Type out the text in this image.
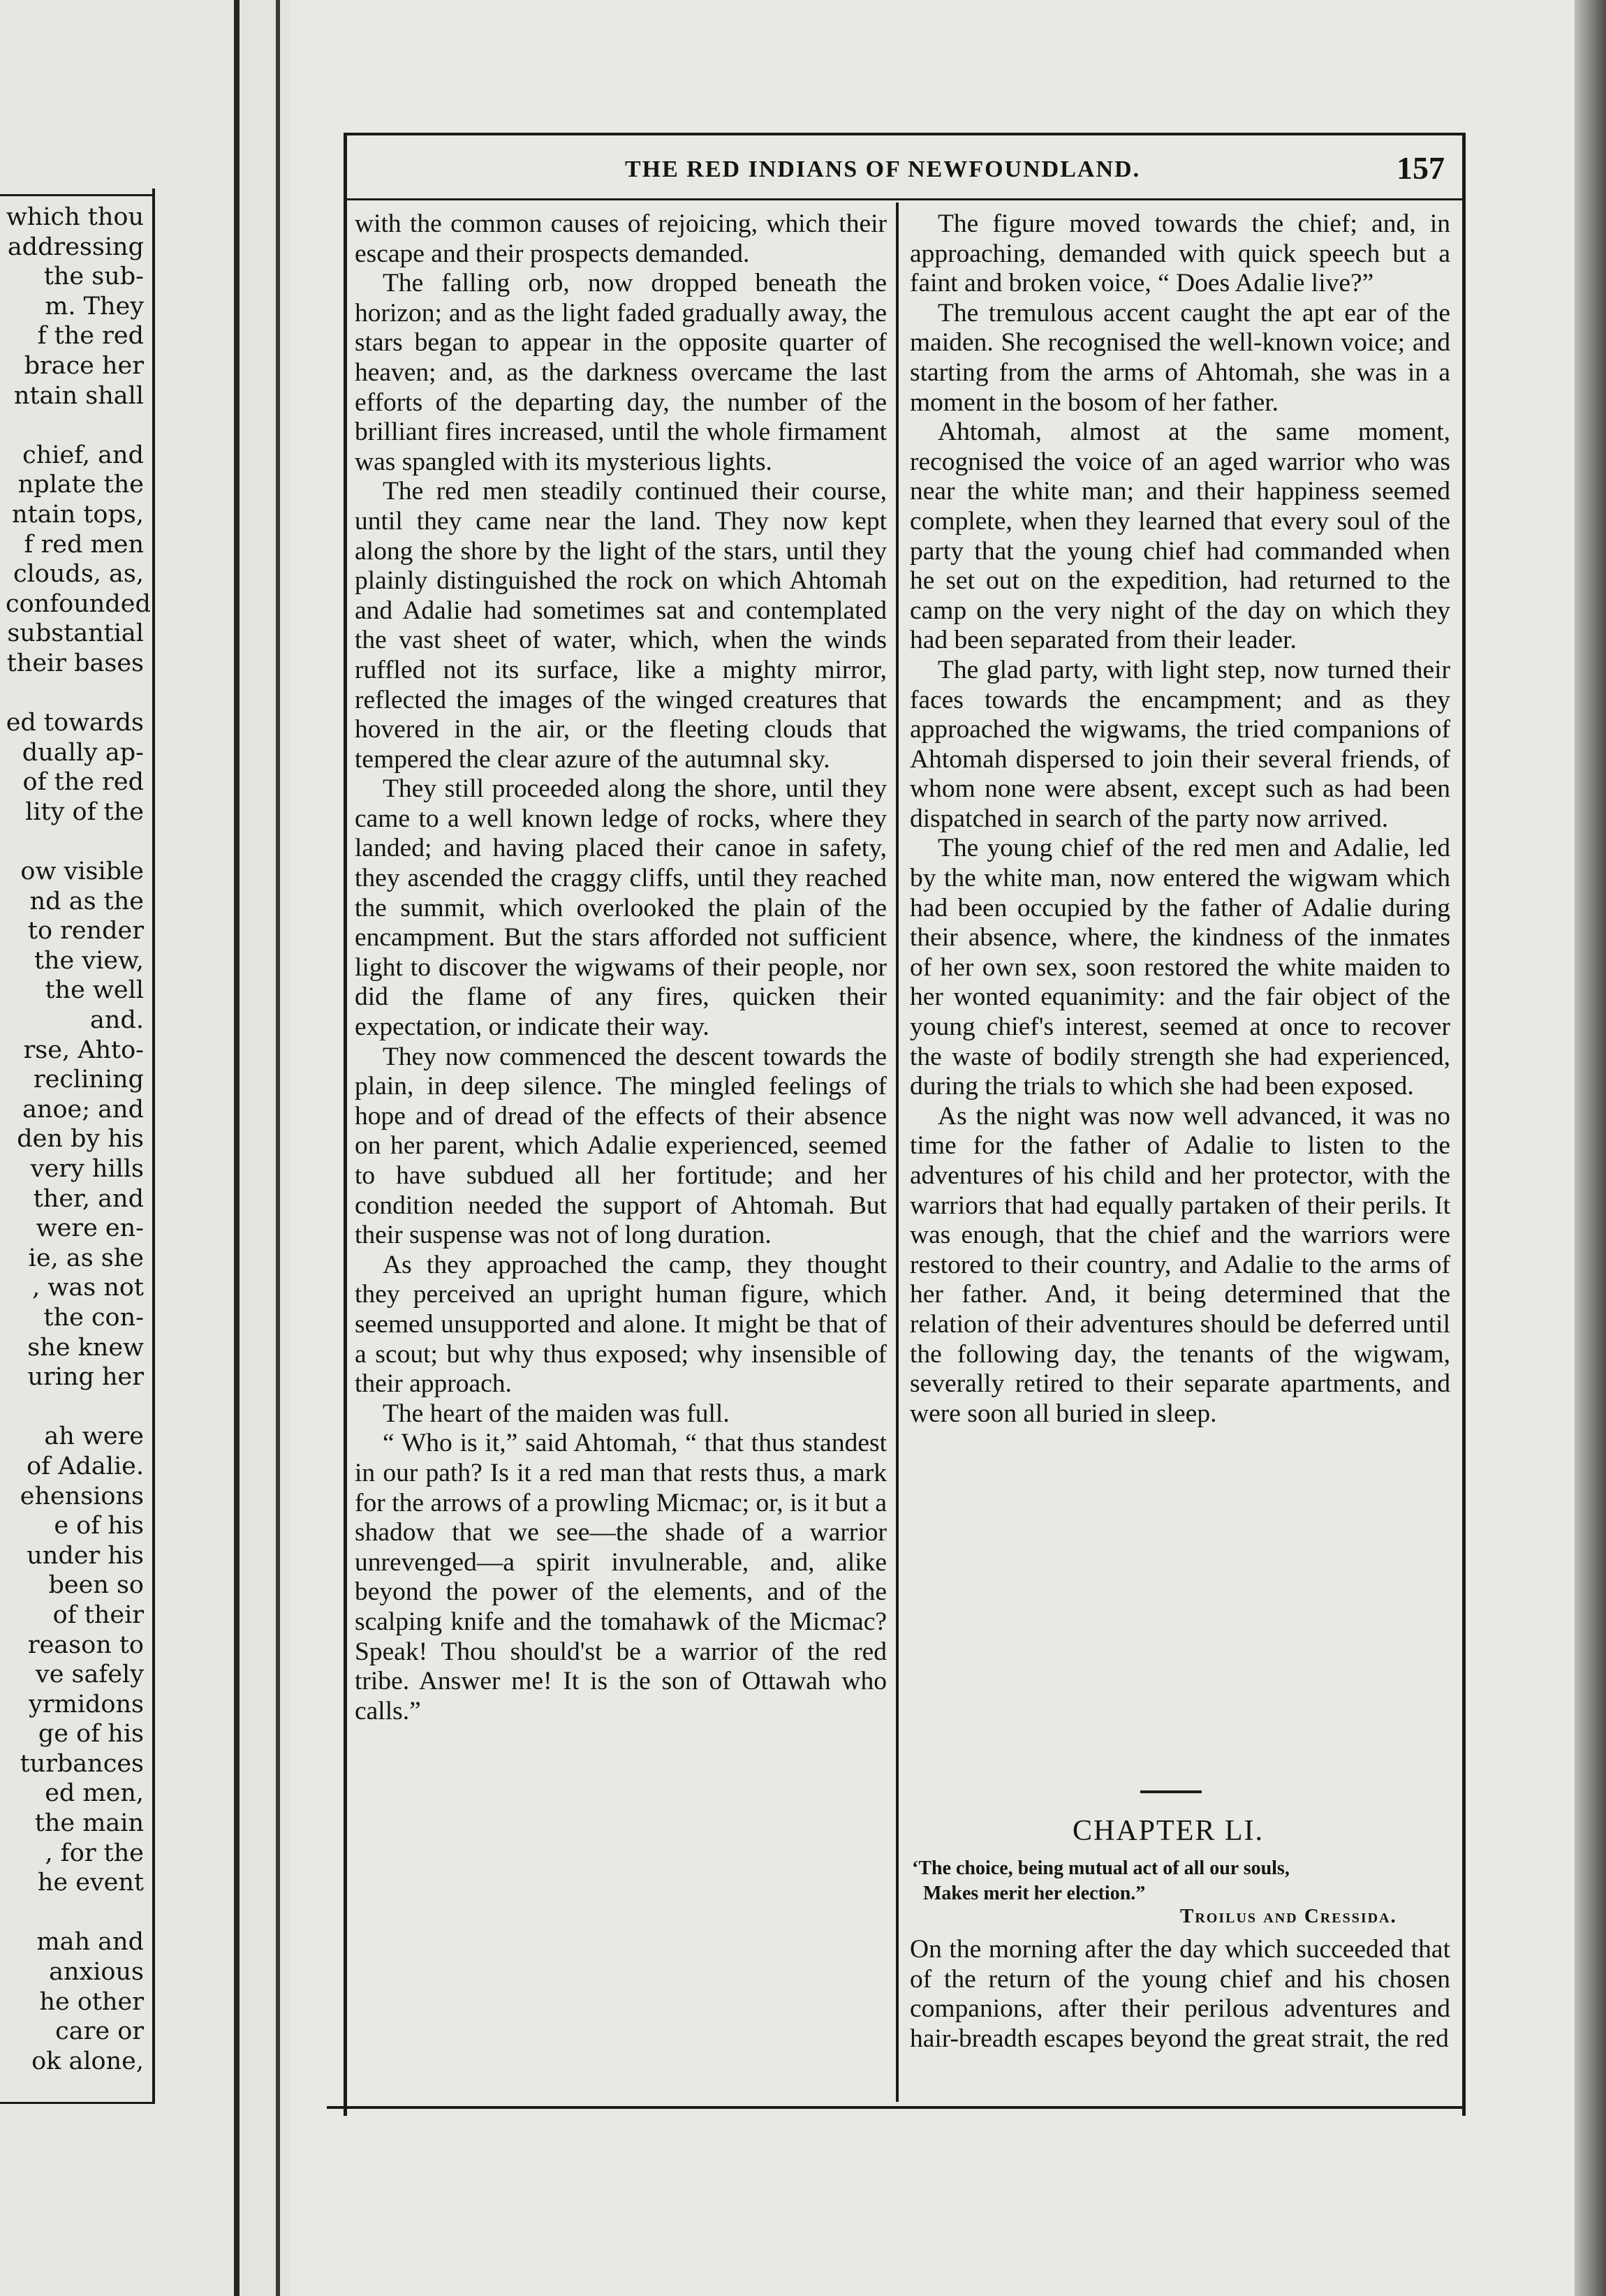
which thou
addressing
the sub-
m. They
f the red
brace her
ntain shall
chief, and
nplate the
ntain tops,
f red men
clouds, as,
confounded
substantial
their bases
ed towards
dually ap-
of the red
lity of the
ow visible
nd as the
to render
the view,
the well
and.
rse, Ahto-
reclining
anoe; and
den by his
very hills
ther, and
were en-
ie, as she
, was not
the con-
she knew
uring her
ah were
of Adalie.
ehensions
e of his
under his
been so
of their
reason to
ve safely
yrmidons
ge of his
turbances
ed men,
the main
, for the
he event
mah and
anxious
he other
care or
ok alone,
THE RED INDIANS OF NEWFOUNDLAND.	157

with the common causes of rejoicing, which their escape and their prospects demanded.

The falling orb, now dropped beneath the horizon; and as the light faded gradually away, the stars began to appear in the opposite quarter of heaven; and, as the darkness overcame the last efforts of the departing day, the number of the brilliant fires increased, until the whole firmament was spangled with its mysterious lights.

The red men steadily continued their course, until they came near the land. They now kept along the shore by the light of the stars, until they plainly distinguished the rock on which Ahtomah and Adalie had sometimes sat and contemplated the vast sheet of water, which, when the winds ruffled not its surface, like a mighty mirror, reflected the images of the winged creatures that hovered in the air, or the fleeting clouds that tempered the clear azure of the autumnal sky.

They still proceeded along the shore, until they came to a well known ledge of rocks, where they landed; and having placed their canoe in safety, they ascended the craggy cliffs, until they reached the summit, which overlooked the plain of the encampment. But the stars afforded not sufficient light to discover the wigwams of their people, nor did the flame of any fires, quicken their expectation, or indicate their way.

They now commenced the descent towards the plain, in deep silence. The mingled feelings of hope and of dread of the effects of their absence on her parent, which Adalie experienced, seemed to have subdued all her fortitude; and her condition needed the support of Ahtomah. But their suspense was not of long duration.

As they approached the camp, they thought they perceived an upright human figure, which seemed unsupported and alone. It might be that of a scout; but why thus exposed; why insensible of their approach.

The heart of the maiden was full.

“ Who is it,” said Ahtomah, “ that thus standest in our path? Is it a red man that rests thus, a mark for the arrows of a prowling Micmac; or, is it but a shadow that we see—the shade of a warrior unrevenged—a spirit invulnerable, and, alike beyond the power of the elements, and of the scalping knife and the tomahawk of the Micmac? Speak! Thou should'st be a warrior of the red tribe. Answer me! It is the son of Ottawah who calls.”

The figure moved towards the chief; and, in approaching, demanded with quick speech but a faint and broken voice, “ Does Adalie live?”

The tremulous accent caught the apt ear of the maiden. She recognised the well-known voice; and starting from the arms of Ahtomah, she was in a moment in the bosom of her father.

Ahtomah, almost at the same moment, recognised the voice of an aged warrior who was near the white man; and their happiness seemed complete, when they learned that every soul of the party that the young chief had commanded when he set out on the expedition, had returned to the camp on the very night of the day on which they had been separated from their leader.

The glad party, with light step, now turned their faces towards the encampment; and as they approached the wigwams, the tried companions of Ahtomah dispersed to join their several friends, of whom none were absent, except such as had been dispatched in search of the party now arrived.

The young chief of the red men and Adalie, led by the white man, now entered the wigwam which had been occupied by the father of Adalie during their absence, where, the kindness of the inmates of her own sex, soon restored the white maiden to her wonted equanimity: and the fair object of the young chief's interest, seemed at once to recover the waste of bodily strength she had experienced, during the trials to which she had been exposed.

As the night was now well advanced, it was no time for the father of Adalie to listen to the adventures of his child and her protector, with the warriors that had equally partaken of their perils. It was enough, that the chief and the warriors were restored to their country, and Adalie to the arms of her father. And, it being determined that the relation of their adventures should be deferred until the following day, the tenants of the wigwam, severally retired to their separate apartments, and were soon all buried in sleep.

CHAPTER LI.
‘The choice, being mutual act of all our souls,
Makes merit her election.”
Troilus and Cressida.
On the morning after the day which succeeded that of the return of the young chief and his chosen companions, after their perilous adventures and hair-breadth escapes beyond the great strait, the red
